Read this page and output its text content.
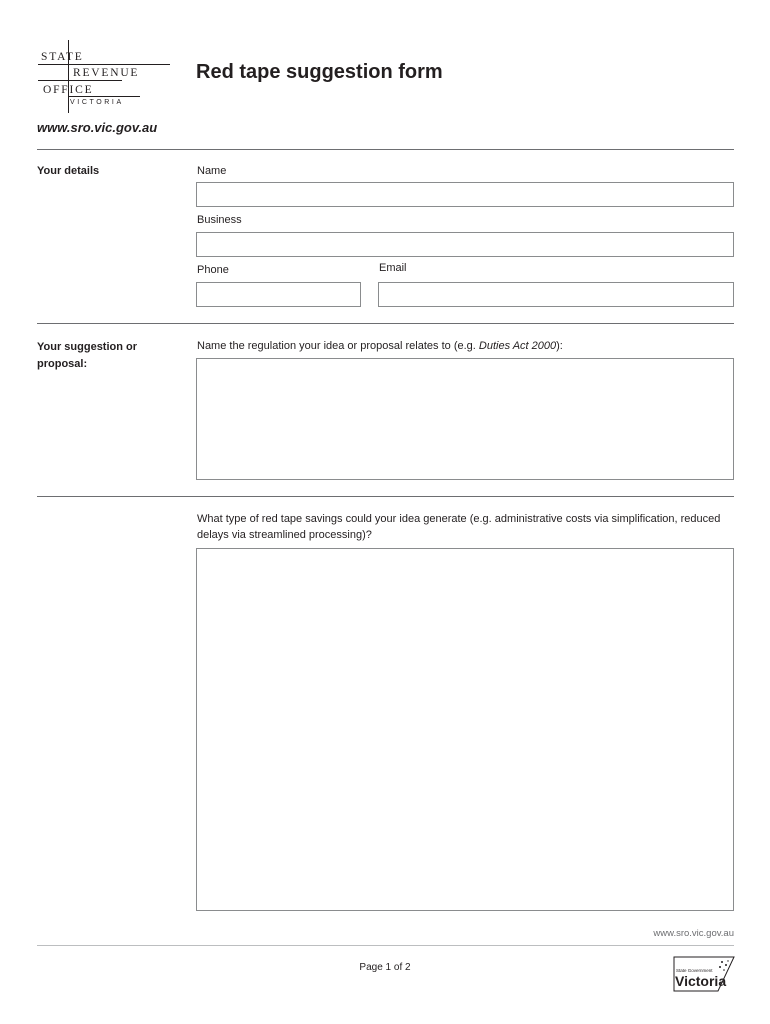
STATE
REVENUE
OFFICE
VICTORIA
Red tape suggestion form
www.sro.vic.gov.au
Your details	Name
Business
Phone	Email
Your suggestion or proposal:
Name the regulation your idea or proposal relates to (e.g. Duties Act 2000):
What type of red tape savings could your idea generate (e.g. administrative costs via simplification, reduced delays via streamlined processing)?
www.sro.vic.gov.au
Page 1 of 2	State Government
Victoria
